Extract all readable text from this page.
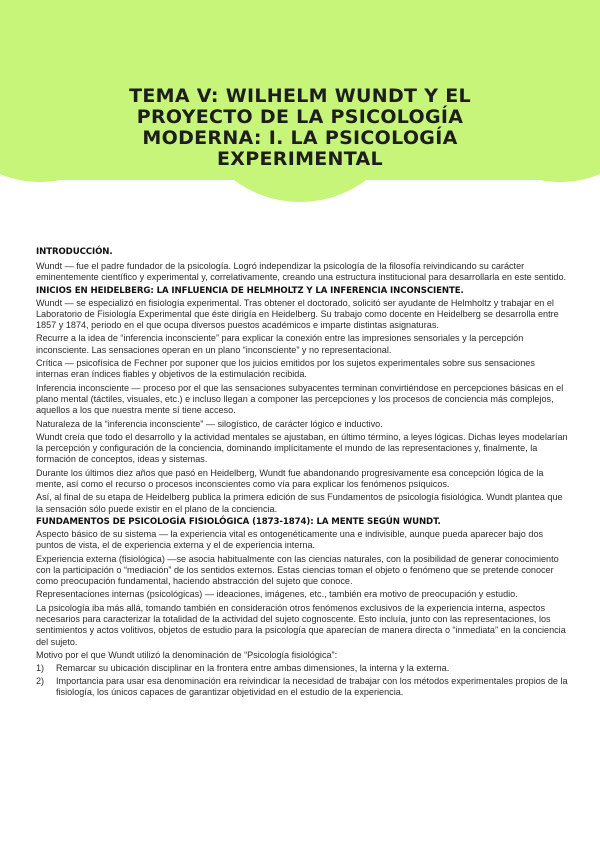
TEMA V: WILHELM WUNDT Y EL
PROYECTO DE LA PSICOLOGÍA
MODERNA: I. LA PSICOLOGÍA
EXPERIMENTAL
INTRODUCCIÓN.

Wundt — fue el padre fundador de la psicología. Logró independizar la psicología de la filosofía reivindicando su carácter eminentemente científico y experimental y, correlativamente, creando una estructura institucional para desarrollarla en este sentido.

INICIOS EN HEIDELBERG: LA INFLUENCIA DE HELMHOLTZ Y LA INFERENCIA INCONSCIENTE.

Wundt — se especializó en fisiología experimental. Tras obtener el doctorado, solicitó ser ayudante de Helmholtz y trabajar en el Laboratorio de Fisiología Experimental que éste dirigía en Heidelberg. Su trabajo como docente en Heidelberg se desarrolla entre 1857 y 1874, periodo en el que ocupa diversos puestos académicos e imparte distintas asignaturas.

Recurre a la idea de “inferencia inconsciente” para explicar la conexión entre las impresiones sensoriales y la percepción inconsciente. Las sensaciones operan en un plano “inconsciente” y no representacional.

Crítica — psicofísica de Fechner por suponer que los juicios emitidos por los sujetos experimentales sobre sus sensaciones internas eran índices fiables y objetivos de la estimulación recibida.

Inferencia inconsciente — proceso por el que las sensaciones subyacentes terminan convirtiéndose en percepciones básicas en el plano mental (táctiles, visuales, etc.) e incluso llegan a componer las percepciones y los procesos de conciencia más complejos, aquellos a los que nuestra mente sí tiene acceso.

Naturaleza de la “inferencia inconsciente” — silogístico, de carácter lógico e inductivo.

Wundt creía que todo el desarrollo y la actividad mentales se ajustaban, en último término, a leyes lógicas. Dichas leyes modelarían la percepción y configuración de la conciencia, dominando implícitamente el mundo de las representaciones y, finalmente, la formación de conceptos, ideas y sistemas.

Durante los últimos diez años que pasó en Heidelberg, Wundt fue abandonando progresivamente esa concepción lógica de la mente, así como el recurso o procesos inconscientes como vía para explicar los fenómenos psíquicos.

Así, al final de su etapa de Heidelberg publica la primera edición de sus Fundamentos de psicología fisiológica. Wundt plantea que la sensación sólo puede existir en el plano de la conciencia.

FUNDAMENTOS DE PSICOLOGÍA FISIOLÓGICA (1873-1874): LA MENTE SEGÚN WUNDT.

Aspecto básico de su sistema — la experiencia vital es ontogenéticamente una e indivisible, aunque pueda aparecer bajo dos puntos de vista, el de experiencia externa y el de experiencia interna.

Experiencia externa (fisiológica) —se asocia habitualmente con las ciencias naturales, con la posibilidad de generar conocimiento con la participación o “mediación” de los sentidos externos. Estas ciencias toman el objeto o fenómeno que se pretende conocer como preocupación fundamental, haciendo abstracción del sujeto que conoce.

Representaciones internas (psicológicas) — ideaciones, imágenes, etc., también era motivo de preocupación y estudio.

La psicología iba más allá, tomando también en consideración otros fenómenos exclusivos de la experiencia interna, aspectos necesarios para caracterizar la totalidad de la actividad del sujeto cognoscente. Esto incluía, junto con las representaciones, los sentimientos y actos volitivos, objetos de estudio para la psicología que aparecían de manera directa o “inmediata” en la conciencia del sujeto.

Motivo por el que Wundt utilizó la denominación de “Psicología fisiológica”:

1) Remarcar su ubicación disciplinar en la frontera entre ambas dimensiones, la interna y la externa.
2) Importancia para usar esa denominación era reivindicar la necesidad de trabajar con los métodos experimentales propios de la fisiología, los únicos capaces de garantizar objetividad en el estudio de la experiencia.
